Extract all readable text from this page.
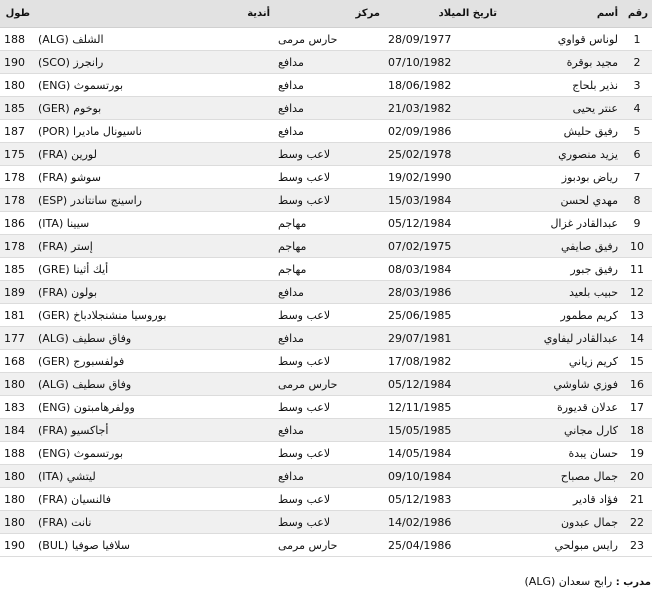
رقم	أسم	تاريخ الميلاد	مركز	أندية	طول
1	لوناس قواوي	28/09/1977	حارس مرمى	الشلف (ALG)	188
2	مجيد بوقرة	07/10/1982	مدافع	رانجرز (SCO)	190
3	نذير بلحاج	18/06/1982	مدافع	بورتسموث (ENG)	180
4	عنتر يحيى	21/03/1982	مدافع	بوخوم (GER)	185
5	رفيق حليش	02/09/1986	مدافع	ناسيونال ماديرا (POR)	187
6	يزيد منصوري	25/02/1978	لاعب وسط	لورين (FRA)	175
7	رياض بودبوز	19/02/1990	لاعب وسط	سوشو (FRA)	178
8	مهدي لحسن	15/03/1984	لاعب وسط	راسينج سانتاندر (ESP)	178
9	عبدالقادر غزال	05/12/1984	مهاجم	سيينا (ITA)	186
10	رفيق صايفي	07/02/1975	مهاجم	إستر (FRA)	178
11	رفيق جبور	08/03/1984	مهاجم	أيك أثينا (GRE)	185
12	حبيب بلعيد	28/03/1986	مدافع	بولون (FRA)	189
13	كريم مطمور	25/06/1985	لاعب وسط	بوروسيا منشنجلادباخ (GER)	181
14	عبدالقادر ليفاوي	29/07/1981	مدافع	وفاق سطيف (ALG)	177
15	كريم زياني	17/08/1982	لاعب وسط	فولفسبورج (GER)	168
16	فوزي شاوشي	05/12/1984	حارس مرمى	وفاق سطيف (ALG)	180
17	عدلان قديورة	12/11/1985	لاعب وسط	وولفرهامبتون (ENG)	183
18	كارل مجاني	15/05/1985	مدافع	أجاكسيو (FRA)	184
19	حسان يبدة	14/05/1984	لاعب وسط	بورتسموث (ENG)	188
20	جمال مصباح	09/10/1984	مدافع	ليتشي (ITA)	180
21	فؤاد قادير	05/12/1983	لاعب وسط	فالنسيان (FRA)	180
22	جمال عبدون	14/02/1986	لاعب وسط	نانت (FRA)	180
23	رايس مبولحي	25/04/1986	حارس مرمى	سلافيا صوفيا (BUL)	190
مدرب : رابح سعدان (ALG)
